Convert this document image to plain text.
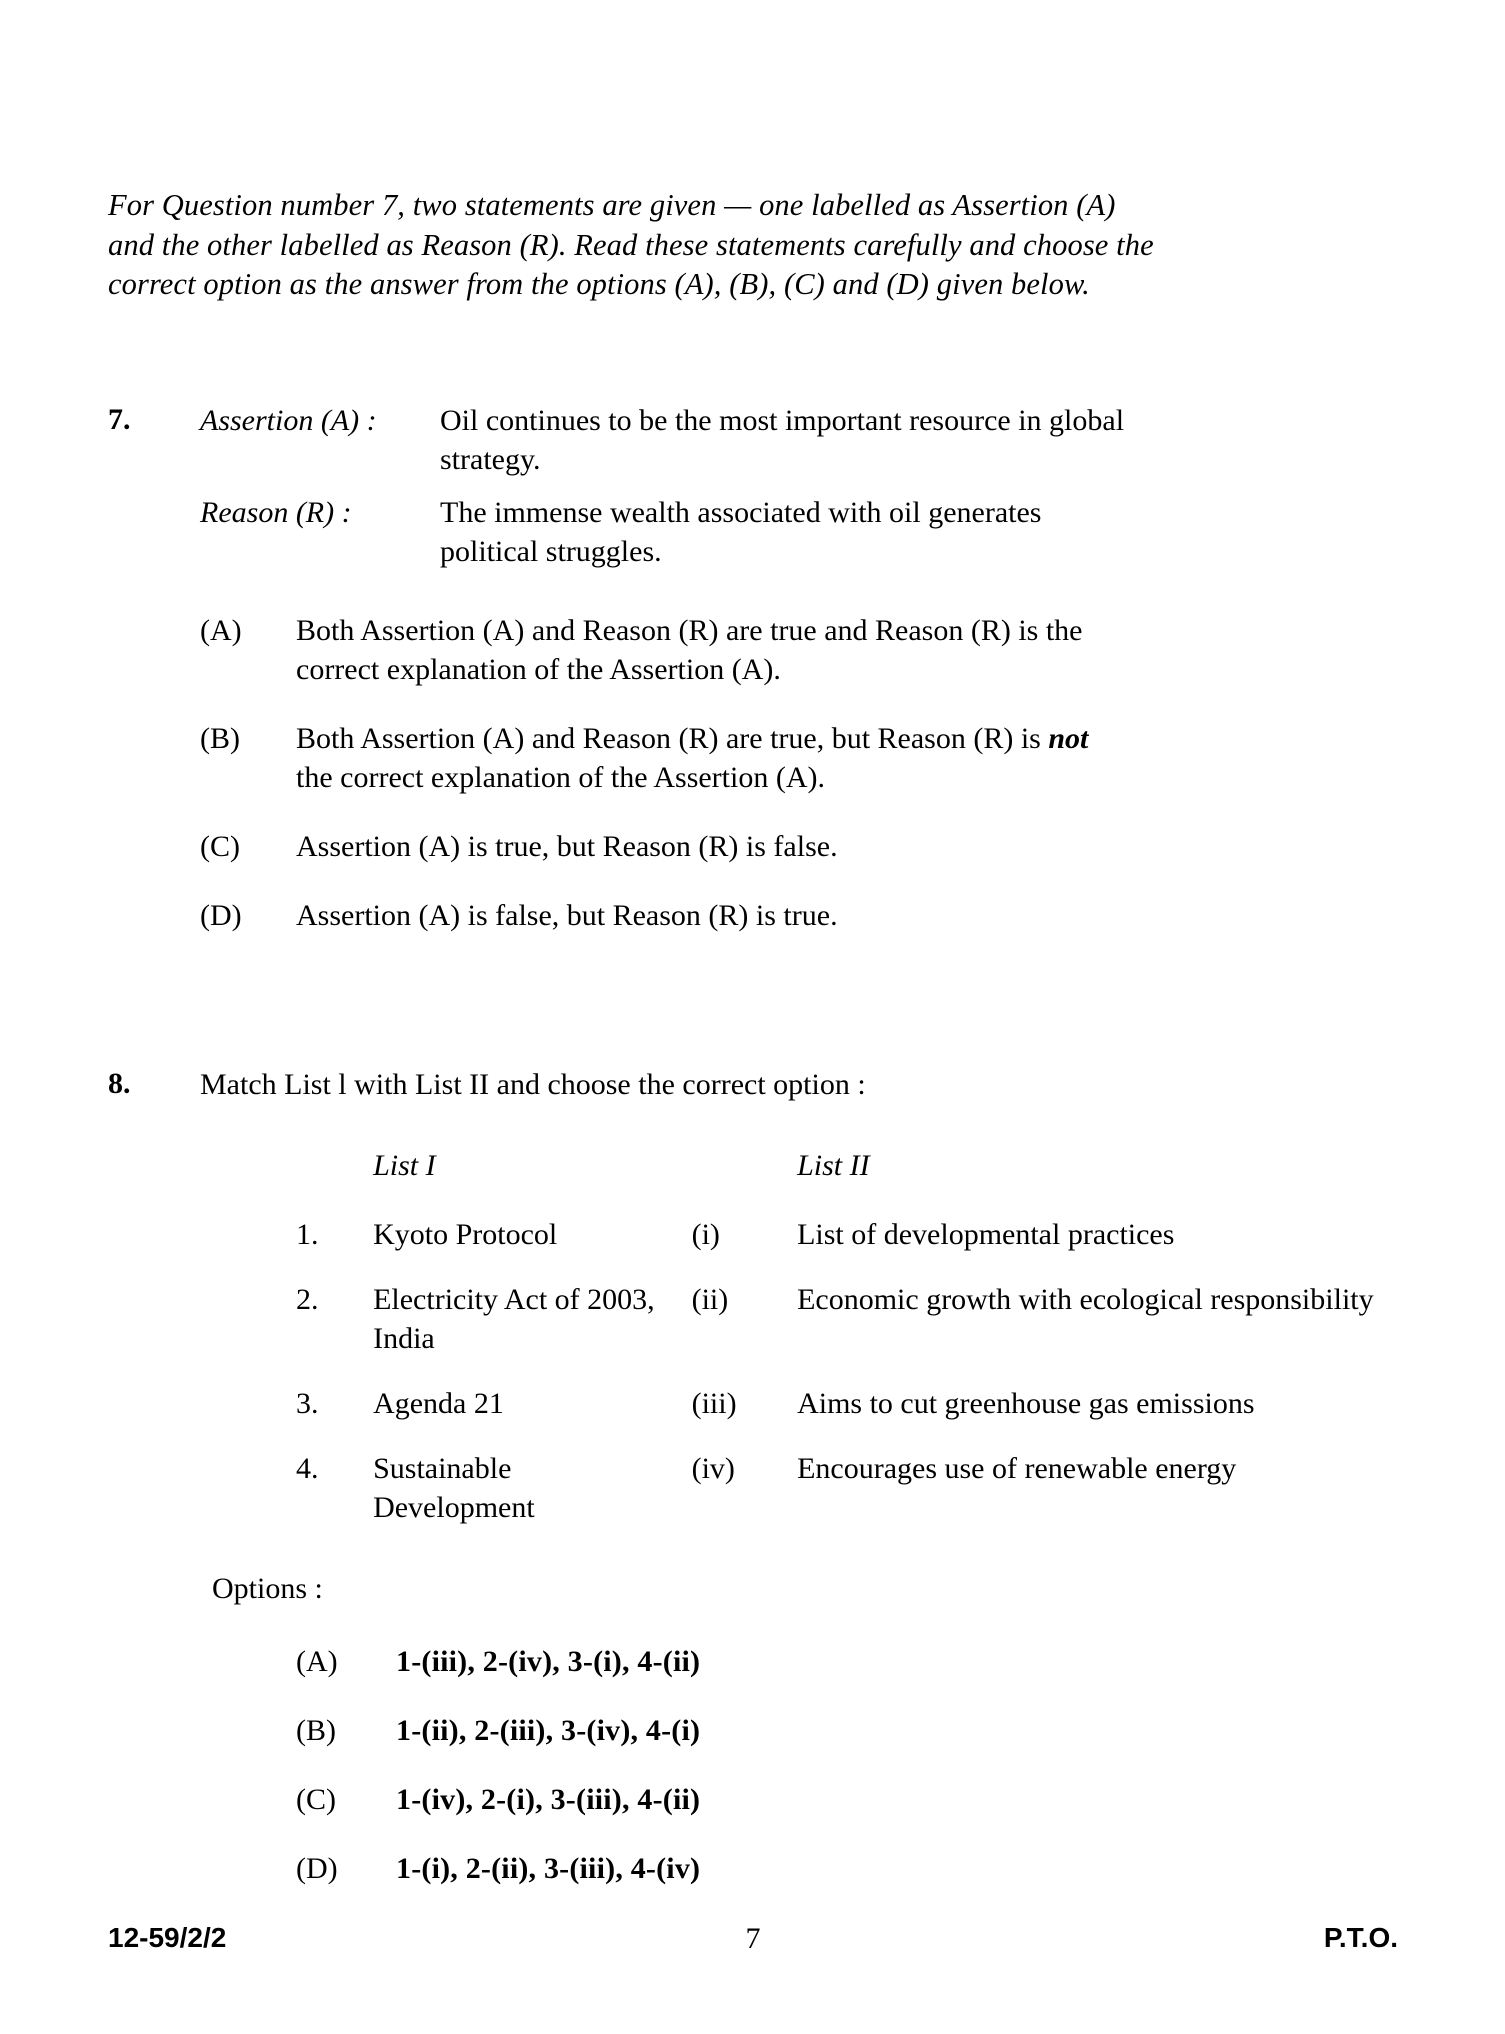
For Question number 7, two statements are given — one labelled as Assertion (A)
and the other labelled as Reason (R). Read these statements carefully and choose the
correct option as the answer from the options (A), (B), (C) and (D) given below.
7.	Assertion (A) :	Oil continues to be the most important resource in global
strategy.
Reason (R) :	The immense wealth associated with oil generates
political struggles.
(A)	Both Assertion (A) and Reason (R) are true and Reason (R) is the
correct explanation of the Assertion (A).
(B)	Both Assertion (A) and Reason (R) are true, but Reason (R) is not
the correct explanation of the Assertion (A).
(C)	Assertion (A) is true, but Reason (R) is false.
(D)	Assertion (A) is false, but Reason (R) is true.
8.	Match List l with List II and choose the correct option :
	List I		List II
1.	Kyoto Protocol	(i)	List of developmental practices
2.	Electricity Act of 2003, India	(ii)	Economic growth with ecological responsibility
3.	Agenda 21	(iii)	Aims to cut greenhouse gas emissions
4.	Sustainable Development	(iv)	Encourages use of renewable energy
Options :
(A)	1-(iii), 2-(iv), 3-(i), 4-(ii)
(B)	1-(ii), 2-(iii), 3-(iv), 4-(i)
(C)	1-(iv), 2-(i), 3-(iii), 4-(ii)
(D)	1-(i), 2-(ii), 3-(iii), 4-(iv)
12-59/2/2	7	P.T.O.
